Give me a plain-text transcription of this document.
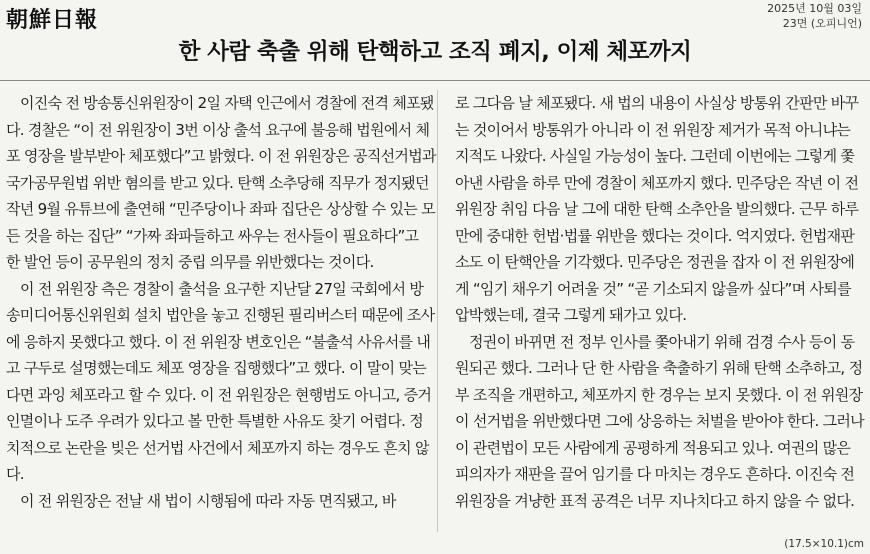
朝鮮日報	2025년 10월 03일
23면 (오피니언)
한 사람 축출 위해 탄핵하고 조직 폐지, 이제 체포까지

이진숙 전 방송통신위원장이 2일 자택 인근에서 경찰에 전격 체포됐다. 경찰은 “이 전 위원장이 3번 이상 출석 요구에 불응해 법원에서 체포 영장을 발부받아 체포했다”고 밝혔다. 이 전 위원장은 공직선거법과 국가공무원법 위반 혐의를 받고 있다. 탄핵 소추당해 직무가 정지됐던 작년 9월 유튜브에 출연해 “민주당이나 좌파 집단은 상상할 수 있는 모든 것을 하는 집단” “가짜 좌파들하고 싸우는 전사들이 필요하다”고 한 발언 등이 공무원의 정치 중립 의무를 위반했다는 것이다.

이 전 위원장 측은 경찰이 출석을 요구한 지난달 27일 국회에서 방송미디어통신위원회 설치 법안을 놓고 진행된 필리버스터 때문에 조사에 응하지 못했다고 했다. 이 전 위원장 변호인은 “불출석 사유서를 내고 구두로 설명했는데도 체포 영장을 집행했다”고 했다. 이 말이 맞는다면 과잉 체포라고 할 수 있다. 이 전 위원장은 현행범도 아니고, 증거인멸이나 도주 우려가 있다고 볼 만한 특별한 사유도 찾기 어렵다. 정치적으로 논란을 빚은 선거법 사건에서 체포까지 하는 경우도 흔치 않다.

이 전 위원장은 전날 새 법이 시행됨에 따라 자동 면직됐고, 바

로 그다음 날 체포됐다. 새 법의 내용이 사실상 방통위 간판만 바꾸는 것이어서 방통위가 아니라 이 전 위원장 제거가 목적 아니냐는 지적도 나왔다. 사실일 가능성이 높다. 그런데 이번에는 그렇게 쫓아낸 사람을 하루 만에 경찰이 체포까지 했다. 민주당은 작년 이 전 위원장 취임 다음 날 그에 대한 탄핵 소추안을 발의했다. 근무 하루 만에 중대한 헌법·법률 위반을 했다는 것이다. 억지였다. 헌법재판소도 이 탄핵안을 기각했다. 민주당은 정권을 잡자 이 전 위원장에게 “임기 채우기 어려울 것” “곧 기소되지 않을까 싶다”며 사퇴를 압박했는데, 결국 그렇게 돼가고 있다.

정권이 바뀌면 전 정부 인사를 쫓아내기 위해 검경 수사 등이 동원되곤 했다. 그러나 단 한 사람을 축출하기 위해 탄핵 소추하고, 정부 조직을 개편하고, 체포까지 한 경우는 보지 못했다. 이 전 위원장이 선거법을 위반했다면 그에 상응하는 처벌을 받아야 한다. 그러나 이 관련법이 모든 사람에게 공평하게 적용되고 있나. 여권의 많은 피의자가 재판을 끌어 임기를 다 마치는 경우도 흔하다. 이진숙 전 위원장을 겨냥한 표적 공격은 너무 지나치다고 하지 않을 수 없다.

(17.5×10.1)cm
